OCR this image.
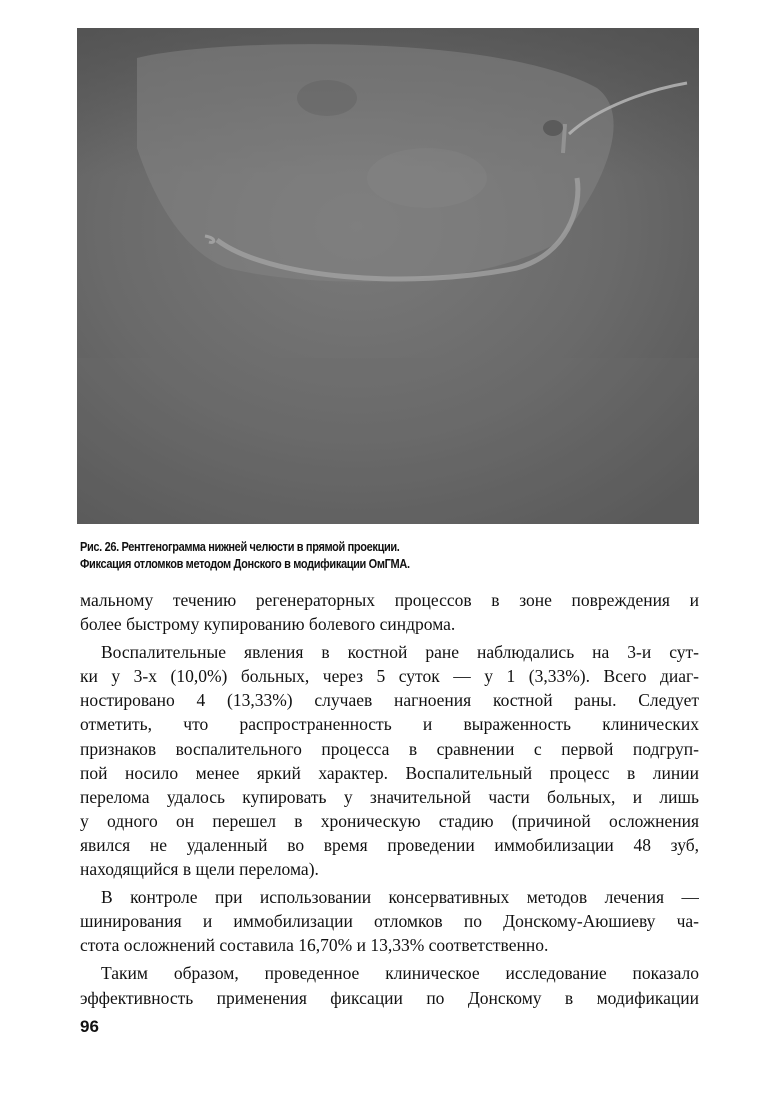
Рис. 26. Рентгенограмма нижней челюсти в прямой проекции.
Фиксация отломков методом Донского в модификации ОмГМА.
мальному течению регенераторных процессов в зоне повреждения и
более быстрому купированию болевого синдрома.
Воспалительные явления в костной ране наблюдались на 3-и сут-
ки у 3-х (10,0%) больных, через 5 суток — у 1 (3,33%). Всего диаг-
ностировано 4 (13,33%) случаев нагноения костной раны. Следует
отметить, что распространенность и выраженность клинических
признаков воспалительного процесса в сравнении с первой подгруп-
пой носило менее яркий характер. Воспалительный процесс в линии
перелома удалось купировать у значительной части больных, и лишь
у одного он перешел в хроническую стадию (причиной осложнения
явился не удаленный во время проведении иммобилизации 48 зуб,
находящийся в щели перелома).
В контроле при использовании консервативных методов лечения —
шинирования и иммобилизации отломков по Донскому-Аюшиеву ча-
стота осложнений составила 16,70% и 13,33% соответственно.
Таким образом, проведенное клиническое исследование показало
эффективность применения фиксации по Донскому в модификации
96
